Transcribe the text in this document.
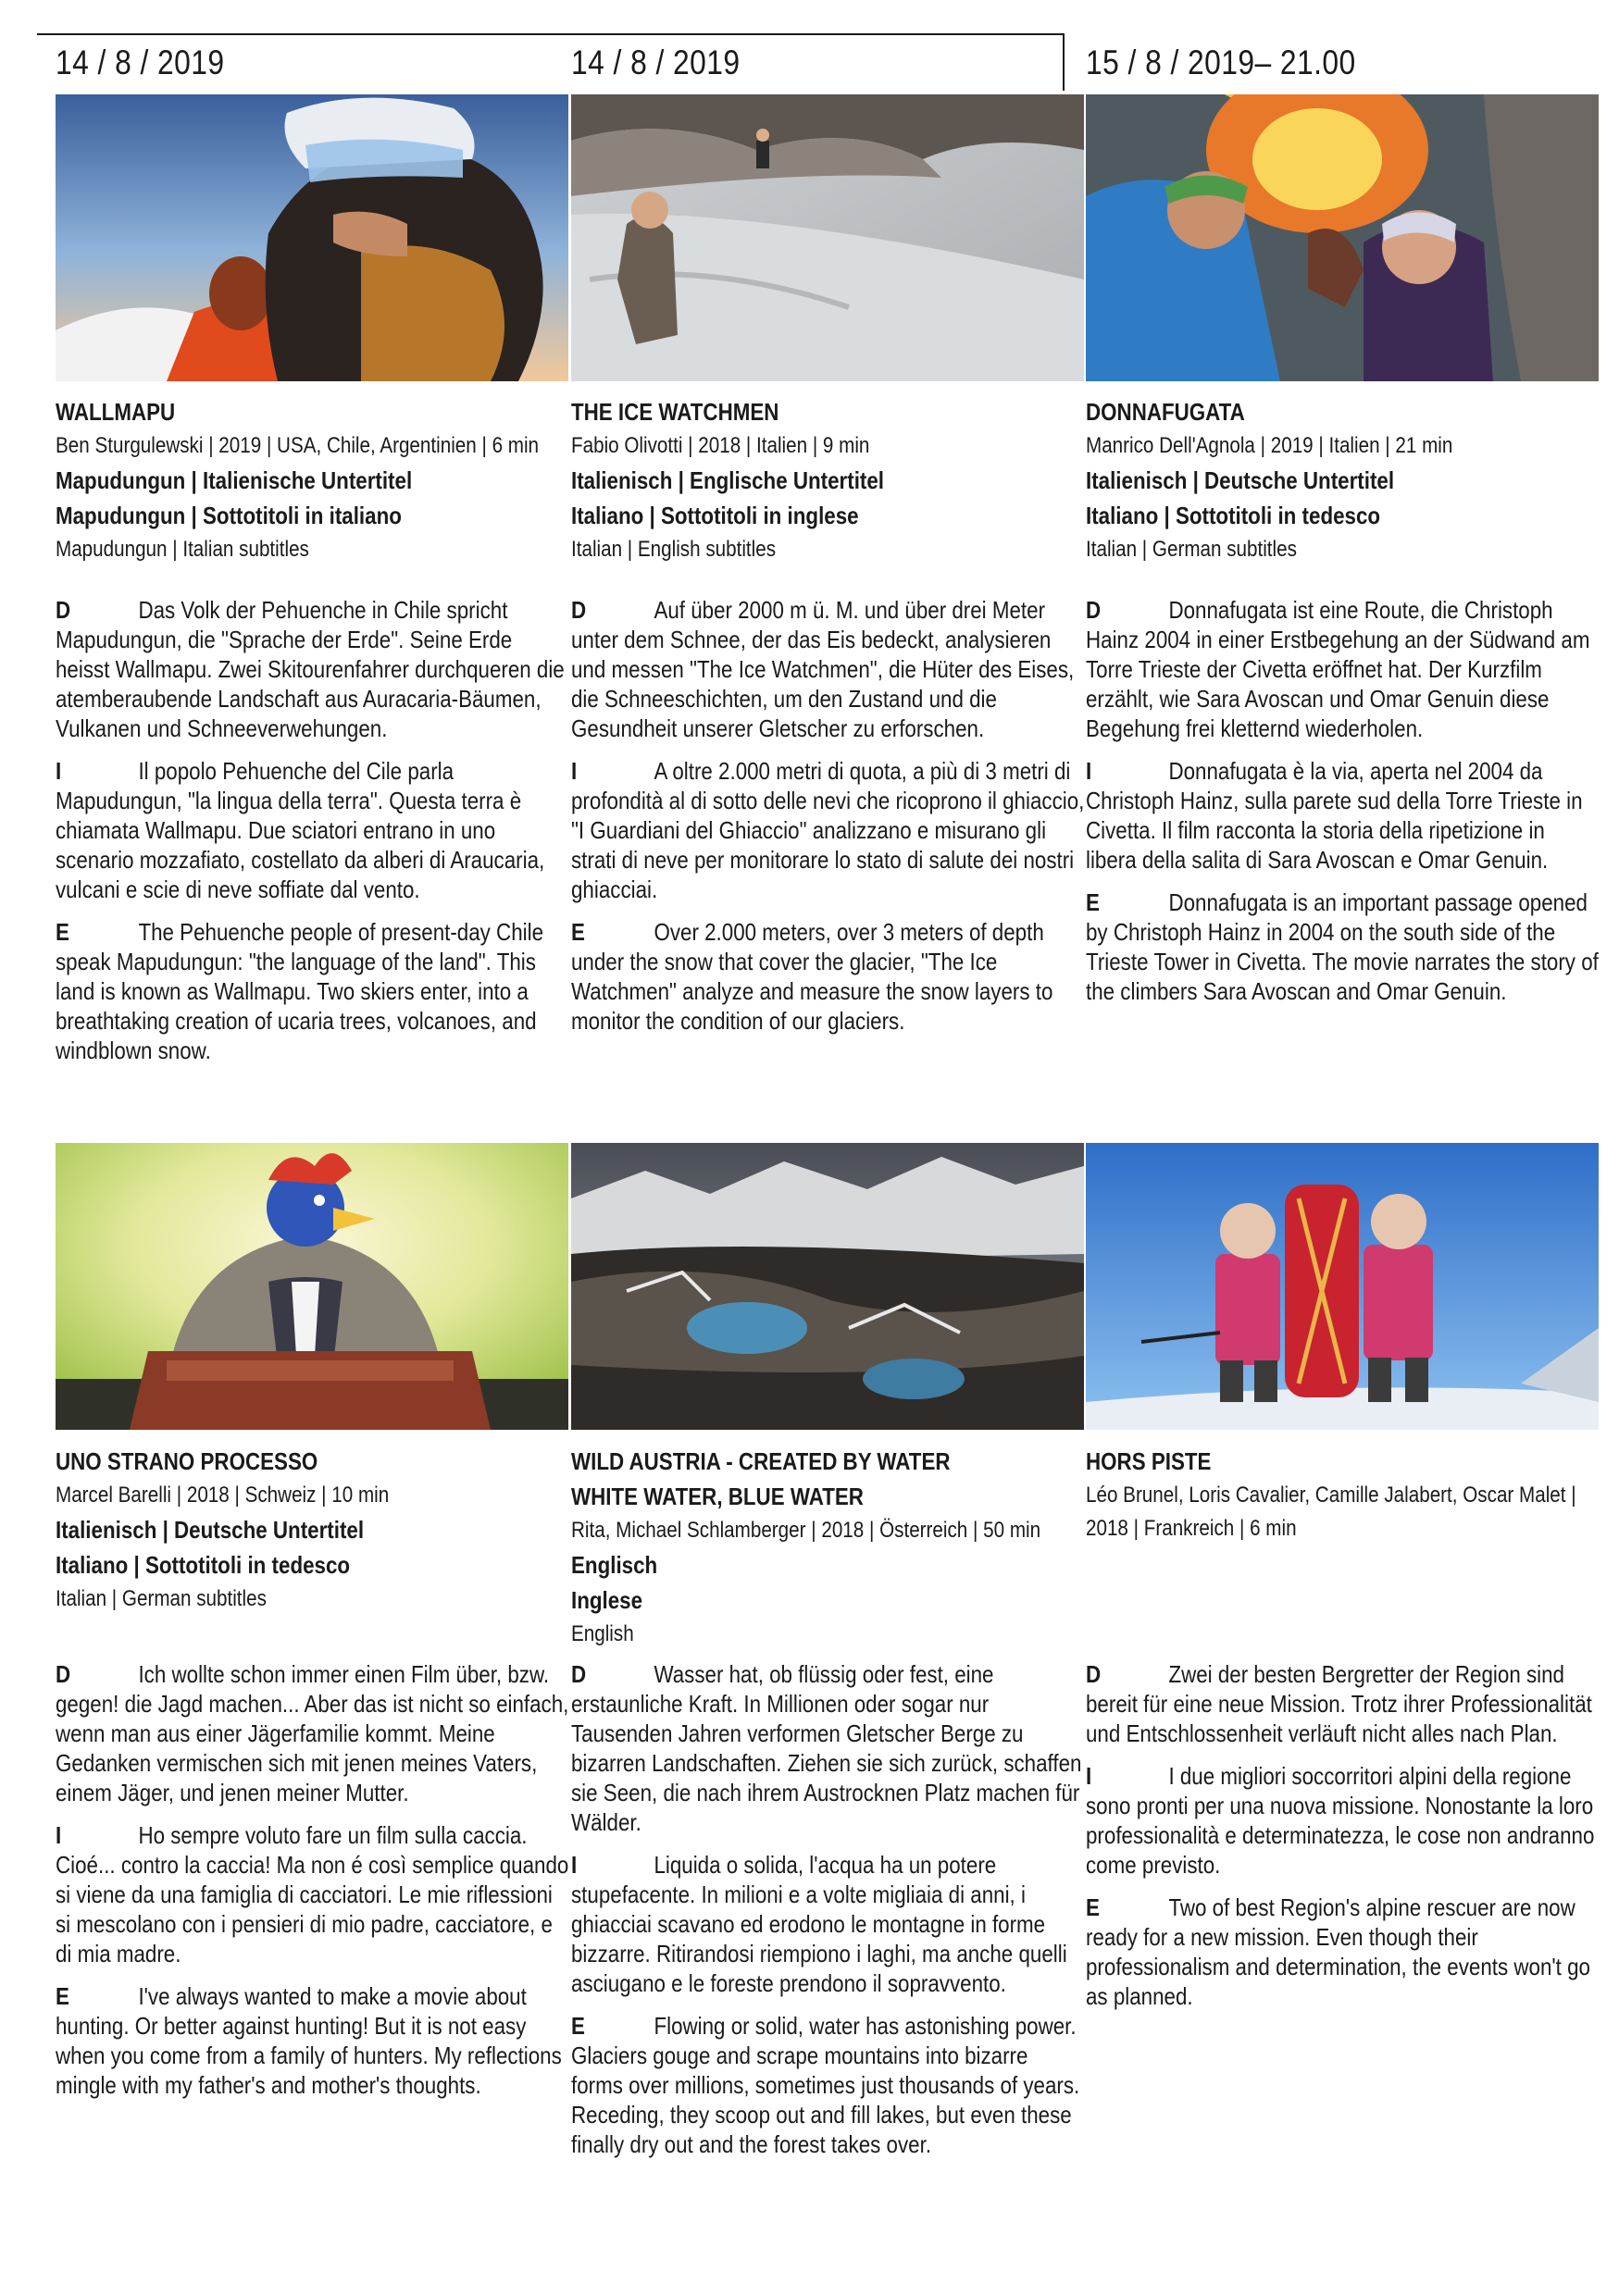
14 / 8 / 2019	14 / 8 / 2019	15 / 8 / 2019– 21.00
WALLMAPU
Ben Sturgulewski | 2019 | USA, Chile, Argentinien | 6 min
Mapudungun | Italienische Untertitel
Mapudungun | Sottotitoli in italiano
Mapudungun | Italian subtitles
THE ICE WATCHMEN
Fabio Olivotti | 2018 | Italien | 9 min
Italienisch | Englische Untertitel
Italiano | Sottotitoli in inglese
Italian | English subtitles
DONNAFUGATA
Manrico Dell'Agnola | 2019 | Italien | 21 min
Italienisch | Deutsche Untertitel
Italiano | Sottotitoli in tedesco
Italian | German subtitles
D	Das Volk der Pehuenche in Chile spricht Mapudungun, die "Sprache der Erde". Seine Erde heisst Wallmapu. Zwei Skitourenfahrer durchqueren die atemberaubende Landschaft aus Auracaria-Bäumen, Vulkanen und Schneeverwehungen.
I	Il popolo Pehuenche del Cile parla Mapudungun, "la lingua della terra". Questa terra è chiamata Wallmapu. Due sciatori entrano in uno scenario mozzafiato, costellato da alberi di Araucaria, vulcani e scie di neve soffiate dal vento.
E	The Pehuenche people of present-day Chile speak Mapudungun: "the language of the land". This land is known as Wallmapu. Two skiers enter, into a breathtaking creation of ucaria trees, volcanoes, and windblown snow.
D	Auf über 2000 m ü. M. und über drei Meter unter dem Schnee, der das Eis bedeckt, analysieren und messen "The Ice Watchmen", die Hüter des Eises, die Schneeschichten, um den Zustand und die Gesundheit unserer Gletscher zu erforschen.
I	A oltre 2.000 metri di quota, a più di 3 metri di profondità al di sotto delle nevi che ricoprono il ghiaccio, "I Guardiani del Ghiaccio" analizzano e misurano gli strati di neve per monitorare lo stato di salute dei nostri ghiacciai.
E	Over 2.000 meters, over 3 meters of depth under the snow that cover the glacier, "The Ice Watchmen" analyze and measure the snow layers to monitor the condition of our glaciers.
D	Donnafugata ist eine Route, die Christoph Hainz 2004 in einer Erstbegehung an der Südwand am Torre Trieste der Civetta eröffnet hat. Der Kurzfilm erzählt, wie Sara Avoscan und Omar Genuin diese Begehung frei kletternd wiederholen.
I	Donnafugata è la via, aperta nel 2004 da Christoph Hainz, sulla parete sud della Torre Trieste in Civetta. Il film racconta la storia della ripetizione in libera della salita di Sara Avoscan e Omar Genuin.
E	Donnafugata is an important passage opened by Christoph Hainz in 2004 on the south side of the Trieste Tower in Civetta. The movie narrates the story of the climbers Sara Avoscan and Omar Genuin.
UNO STRANO PROCESSO
Marcel Barelli | 2018 | Schweiz | 10 min
Italienisch | Deutsche Untertitel
Italiano | Sottotitoli in tedesco
Italian | German subtitles
WILD AUSTRIA - CREATED BY WATER
WHITE WATER, BLUE WATER
Rita, Michael Schlamberger | 2018 | Österreich | 50 min
Englisch
Inglese
English
HORS PISTE
Léo Brunel, Loris Cavalier, Camille Jalabert, Oscar Malet | 2018 | Frankreich | 6 min
D	Ich wollte schon immer einen Film über, bzw. gegen! die Jagd machen... Aber das ist nicht so einfach, wenn man aus einer Jägerfamilie kommt. Meine Gedanken vermischen sich mit jenen meines Vaters, einem Jäger, und jenen meiner Mutter.
I	Ho sempre voluto fare un film sulla caccia. Cioé... contro la caccia! Ma non é così semplice quando si viene da una famiglia di cacciatori. Le mie riflessioni si mescolano con i pensieri di mio padre, cacciatore, e di mia madre.
E	I've always wanted to make a movie about hunting. Or better against hunting! But it is not easy when you come from a family of hunters. My reflections mingle with my father's and mother's thoughts.
D	Wasser hat, ob flüssig oder fest, eine erstaunliche Kraft. In Millionen oder sogar nur Tausenden Jahren verformen Gletscher Berge zu bizarren Landschaften. Ziehen sie sich zurück, schaffen sie Seen, die nach ihrem Austrocknen Platz machen für Wälder.
I	Liquida o solida, l'acqua ha un potere stupefacente. In milioni e a volte migliaia di anni, i ghiacciai scavano ed erodono le montagne in forme bizzarre. Ritirandosi riempiono i laghi, ma anche quelli asciugano e le foreste prendono il sopravvento.
E	Flowing or solid, water has astonishing power. Glaciers gouge and scrape mountains into bizarre forms over millions, sometimes just thousands of years. Receding, they scoop out and fill lakes, but even these finally dry out and the forest takes over.
D	Zwei der besten Bergretter der Region sind bereit für eine neue Mission. Trotz ihrer Professionalität und Entschlossenheit verläuft nicht alles nach Plan.
I	I due migliori soccorritori alpini della regione sono pronti per una nuova missione. Nonostante la loro professionalità e determinatezza, le cose non andranno come previsto.
E	Two of best Region's alpine rescuer are now ready for a new mission. Even though their professionalism and determination, the events won't go as planned.
